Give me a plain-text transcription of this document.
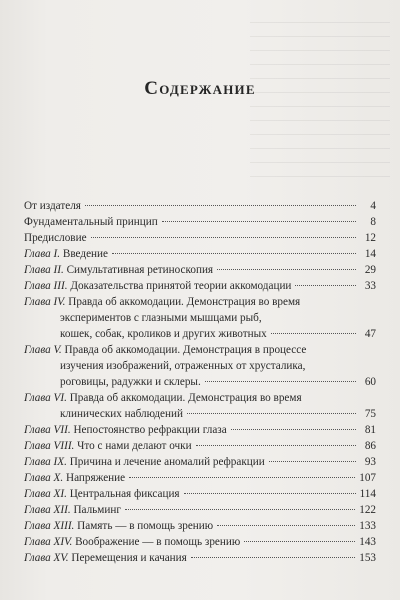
Содержание
От издателя	4
Фундаментальный принцип	8
Предисловие	12
Глава I. Введение	14
Глава II. Симультативная ретиноскопия	29
Глава III. Доказательства принятой теории аккомодации	33
Глава IV. Правда об аккомодации. Демонстрация во время
экспериментов с глазными мышцами рыб,
кошек, собак, кроликов и других животных	47
Глава V. Правда об аккомодации. Демонстрация в процессе
изучения изображений, отраженных от хрусталика,
роговицы, радужки и склеры.	60
Глава VI. Правда об аккомодации. Демонстрация во время
клинических наблюдений	75
Глава VII. Непостоянство рефракции глаза	81
Глава VIII. Что с нами делают очки	86
Глава IX. Причина и лечение аномалий рефракции	93
Глава X. Напряжение	107
Глава XI. Центральная фиксация	114
Глава XII. Пальминг	122
Глава XIII. Память — в помощь зрению	133
Глава XIV. Воображение — в помощь зрению	143
Глава XV. Перемещения и качания	153
